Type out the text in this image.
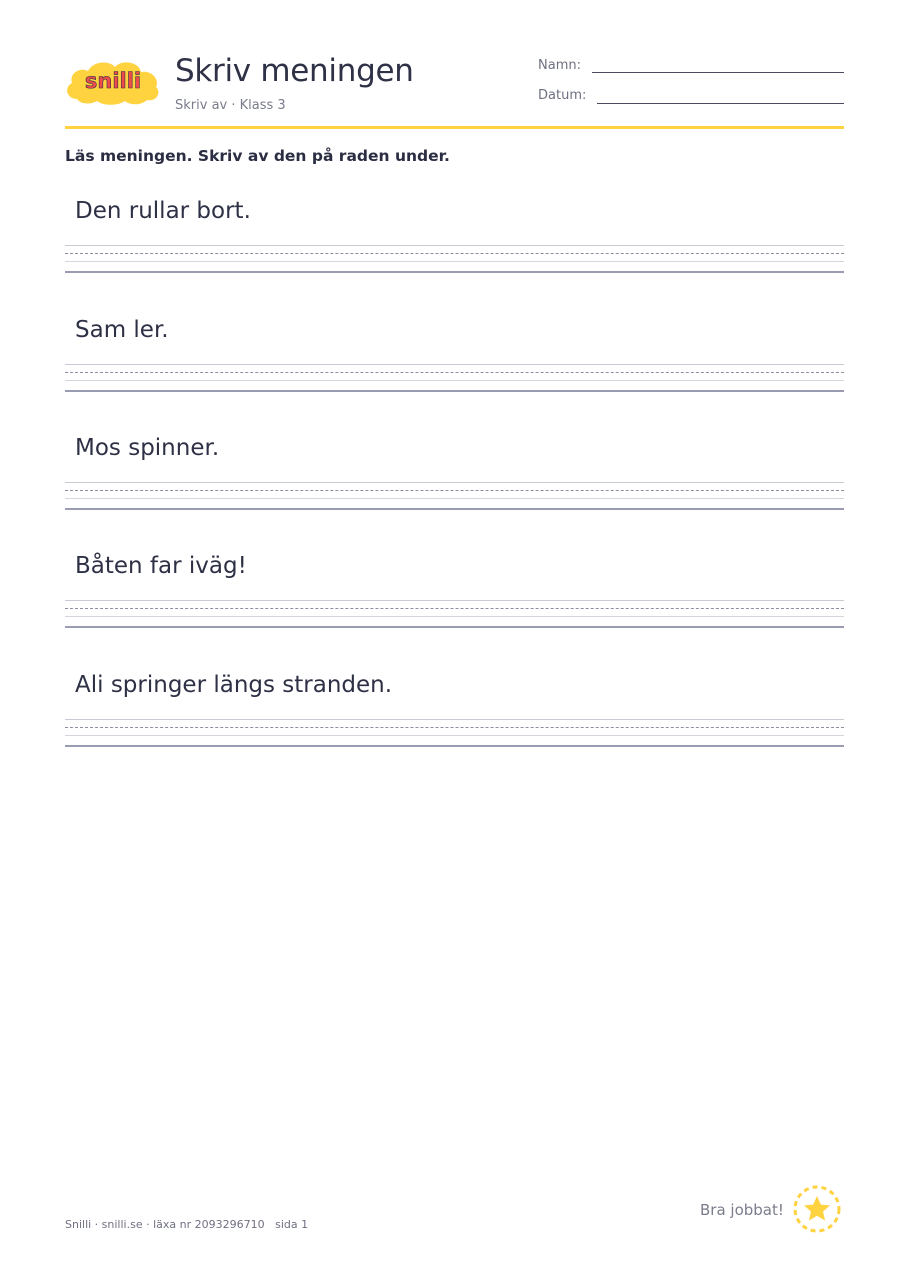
snilli Skriv meningen
Skriv av · Klass 3
Namn:
Datum:
Läs meningen. Skriv av den på raden under.
Den rullar bort.
Sam ler.
Mos spinner.
Båten far iväg!
Ali springer längs stranden.
Snilli · snilli.se · läxa nr 2093296710   sida 1
Bra jobbat!
